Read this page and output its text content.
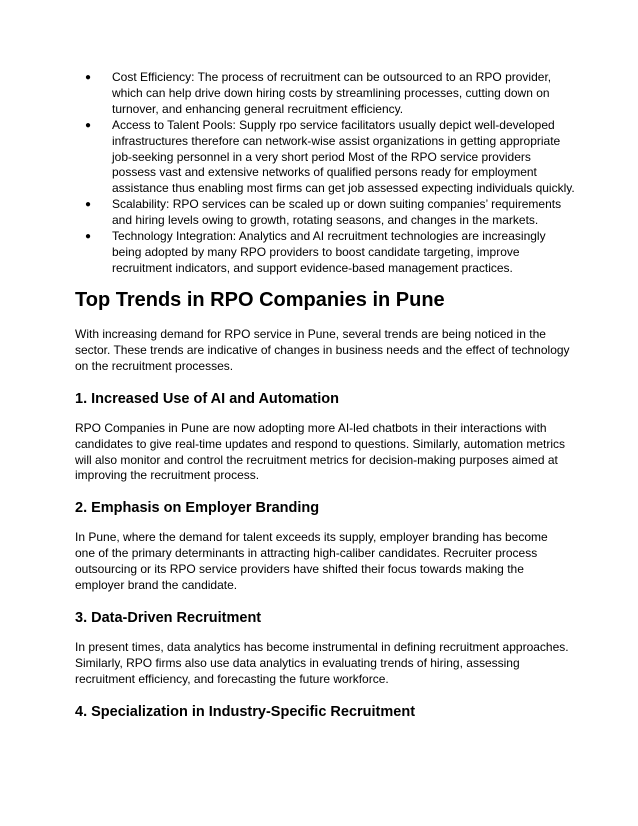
● Cost Efficiency: The process of recruitment can be outsourced to an RPO provider, which can help drive down hiring costs by streamlining processes, cutting down on turnover, and enhancing general recruitment efficiency.
● Access to Talent Pools: Supply rpo service facilitators usually depict well-developed infrastructures therefore can network-wise assist organizations in getting appropriate job-seeking personnel in a very short period Most of the RPO service providers possess vast and extensive networks of qualified persons ready for employment assistance thus enabling most firms can get job assessed expecting individuals quickly.
● Scalability: RPO services can be scaled up or down suiting companies’ requirements and hiring levels owing to growth, rotating seasons, and changes in the markets.
● Technology Integration: Analytics and AI recruitment technologies are increasingly being adopted by many RPO providers to boost candidate targeting, improve recruitment indicators, and support evidence-based management practices.
Top Trends in RPO Companies in Pune

With increasing demand for RPO service in Pune, several trends are being noticed in the sector. These trends are indicative of changes in business needs and the effect of technology on the recruitment processes.

1. Increased Use of AI and Automation

RPO Companies in Pune are now adopting more AI-led chatbots in their interactions with candidates to give real-time updates and respond to questions. Similarly, automation metrics will also monitor and control the recruitment metrics for decision-making purposes aimed at improving the recruitment process.

2. Emphasis on Employer Branding

In Pune, where the demand for talent exceeds its supply, employer branding has become one of the primary determinants in attracting high-caliber candidates. Recruiter process outsourcing or its RPO service providers have shifted their focus towards making the employer brand the candidate.

3. Data-Driven Recruitment

In present times, data analytics has become instrumental in defining recruitment approaches. Similarly, RPO firms also use data analytics in evaluating trends of hiring, assessing recruitment efficiency, and forecasting the future workforce.

4. Specialization in Industry-Specific Recruitment
